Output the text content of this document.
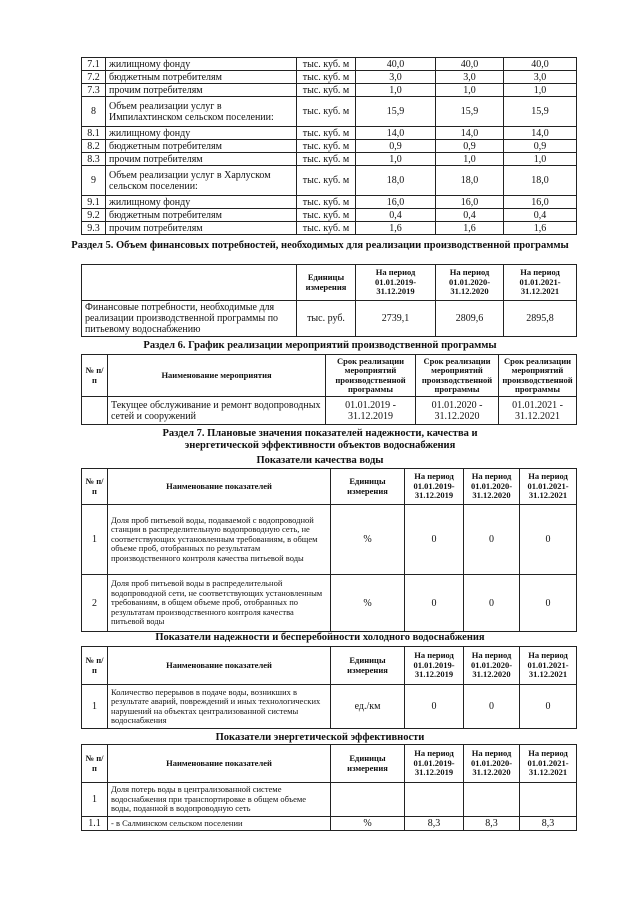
7.1	жилищному фонду	тыс. куб. м	40,0	40,0	40,0
7.2	бюджетным потребителям	тыс. куб. м	3,0	3,0	3,0
7.3	прочим потребителям	тыс. куб. м	1,0	1,0	1,0
8	Объем реализации услуг в Импилахтинском сельском поселении:	тыс. куб. м	15,9	15,9	15,9
8.1	жилищному фонду	тыс. куб. м	14,0	14,0	14,0
8.2	бюджетным потребителям	тыс. куб. м	0,9	0,9	0,9
8.3	прочим потребителям	тыс. куб. м	1,0	1,0	1,0
9	Объем реализации услуг в Харлуском сельском поселении:	тыс. куб. м	18,0	18,0	18,0
9.1	жилищному фонду	тыс. куб. м	16,0	16,0	16,0
9.2	бюджетным потребителям	тыс. куб. м	0,4	0,4	0,4
9.3	прочим потребителям	тыс. куб. м	1,6	1,6	1,6
Раздел 5. Объем финансовых потребностей, необходимых для реализации производственной программы
	Единицы измерения	На период 01.01.2019- 31.12.2019	На период 01.01.2020- 31.12.2020	На период 01.01.2021- 31.12.2021
Финансовые потребности, необходимые для реализации производственной программы по питьевому водоснабжению	тыс. руб.	2739,1	2809,6	2895,8
Раздел 6. График реализации мероприятий производственной программы
№ п/п	Наименование мероприятия	Срок реализации мероприятий производственной программы	Срок реализации мероприятий производственной программы	Срок реализации мероприятий производственной программы
	Текущее обслуживание и ремонт водопроводных сетей и сооружений	01.01.2019 - 31.12.2019	01.01.2020 - 31.12.2020	01.01.2021 - 31.12.2021
Раздел 7. Плановые значения показателей надежности, качества и энергетической эффективности объектов водоснабжения
Показатели качества воды
№ п/п	Наименование показателей	Единицы измерения	На период 01.01.2019- 31.12.2019	На период 01.01.2020- 31.12.2020	На период 01.01.2021- 31.12.2021
1	Доля проб питьевой воды, подаваемой с водопроводной станции в распределительную водопроводную сеть, не соответствующих установленным требованиям, в общем объеме проб, отобранных по результатам производственного контроля качества питьевой воды	%	0	0	0
2	Доля проб питьевой воды в распределительной водопроводной сети, не соответствующих установленным требованиям, в общем объеме проб, отобранных по результатам производственного контроля качества питьевой воды	%	0	0	0
Показатели надежности и бесперебойности холодного водоснабжения
№ п/п	Наименование показателей	Единицы измерения	На период 01.01.2019- 31.12.2019	На период 01.01.2020- 31.12.2020	На период 01.01.2021- 31.12.2021
1	Количество перерывов в подаче воды, возникших в результате аварий, повреждений и иных технологических нарушений на объектах централизованной системы водоснабжения	ед./км	0	0	0
Показатели энергетической эффективности
№ п/п	Наименование показателей	Единицы измерения	На период 01.01.2019- 31.12.2019	На период 01.01.2020- 31.12.2020	На период 01.01.2021- 31.12.2021
1	Доля потерь воды в централизованной системе водоснабжения при транспортировке в общем объеме воды, поданной в водопроводную сеть				
1.1	- в Салминском сельском поселении	%	8,3	8,3	8,3
